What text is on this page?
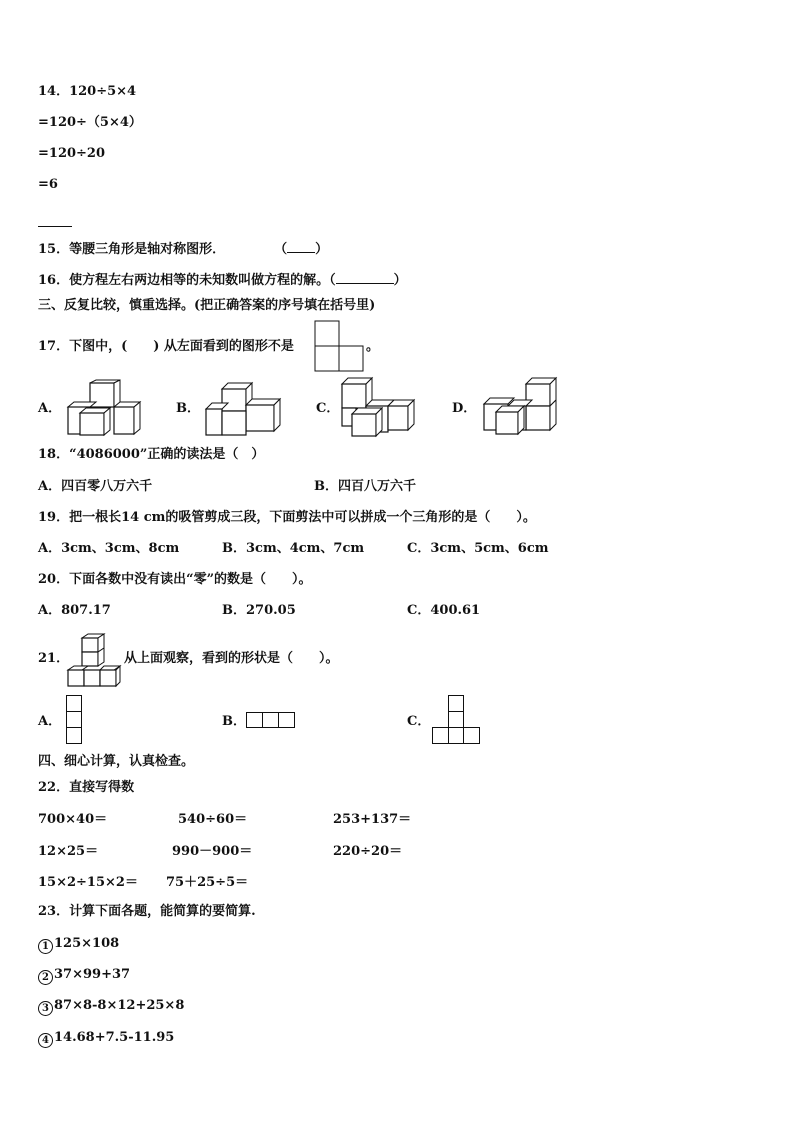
14．120÷5×4
=120÷（5×4）
=120÷20
=6
15．等腰三角形是轴对称图形．	（ ）
16．使方程左右两边相等的未知数叫做方程的解。（	）
三、反复比较，慎重选择。(把正确答案的序号填在括号里)
17．下图中，(　　) 从左面看到的图形不是	。
A．	B．	C．	D．
18．“4086000”正确的读法是（　）
A．四百零八万六千	B．四百八万六千
19．把一根长14 cm的吸管剪成三段，下面剪法中可以拼成一个三角形的是（　　）。
A．3cm、3cm、8cm	B．3cm、4cm、7cm	C．3cm、5cm、6cm
20．下面各数中没有读出“零”的数是（　　）。
A．807.17	B．270.05	C．400.61
21．	从上面观察，看到的形状是（　　）。
A．	B．	C．
四、细心计算，认真检查。
22．直接写得数
700×40＝	540÷60＝	253+137＝
12×25＝	990－900＝	220÷20＝
15×2÷15×2＝ 75＋25÷5＝
23．计算下面各题，能简算的要简算.
1 125×108
2 37×99+37
3 87×8-8×12+25×8
4 14.68+7.5-11.95
